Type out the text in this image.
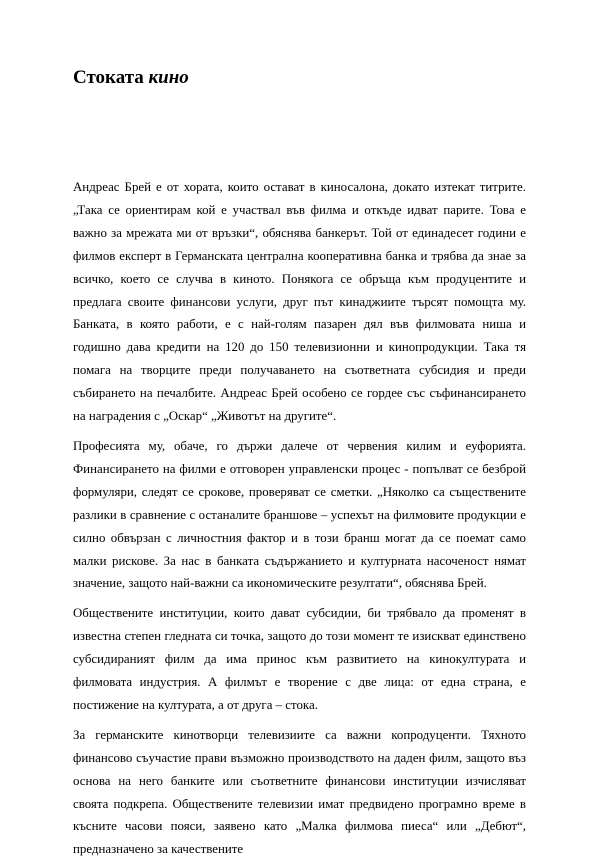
Стоката кино

Андреас Брей е от хората, които остават в киносалона, докато изтекат титрите. „Така се ориентирам кой е участвал във филма и откъде идват парите. Това е важно за мрежата ми от връзки“, обяснява банкерът. Той от единадесет години е филмов експерт в Германската централна кооперативна банка и трябва да знае за всичко, което се случва в киното. Понякога се обръща към продуцентите и предлага своите финансови услуги, друг път кинаджиите търсят помощта му. Банката, в която работи, е с най-голям пазарен дял във филмовата ниша и годишно дава кредити на 120 до 150 телевизионни и кинопродукции. Така тя помага на творците преди получаването на съответната субсидия и преди събирането на печалбите. Андреас Брей особено се гордее със съфинансирането на наградения с „Оскар“ „Животът на другите“.

Професията му, обаче, го държи далече от червения килим и еуфорията. Финансирането на филми е отговорен управленски процес - попълват се безброй формуляри, следят се срокове, проверяват се сметки. „Няколко са съществените разлики в сравнение с останалите браншове – успехът на филмовите продукции е силно обвързан с личностния фактор и в този бранш могат да се поемат само малки рискове. За нас в банката съдържанието и културната насоченост нямат значение, защото най-важни са икономическите резултати“, обяснява Брей.

Обществените институции, които дават субсидии, би трябвало да променят в известна степен гледната си точка, защото до този момент те изискват единствено субсидираният филм да има принос към развитието на кинокултурата и филмовата индустрия. А филмът е творение с две лица: от една страна, е постижение на културата, а от друга – стока.

За германските кинотворци телевизиите са важни копродуценти. Тяхното финансово съучастие прави възможно производството на даден филм, защото въз основа на него банките или съответните финансови институции изчисляват своята подкрепа. Обществените телевизии имат предвидено програмно време в късните часови пояси, заявено като „Малка филмова пиеса“ или „Дебют“, предназначено за качествените
